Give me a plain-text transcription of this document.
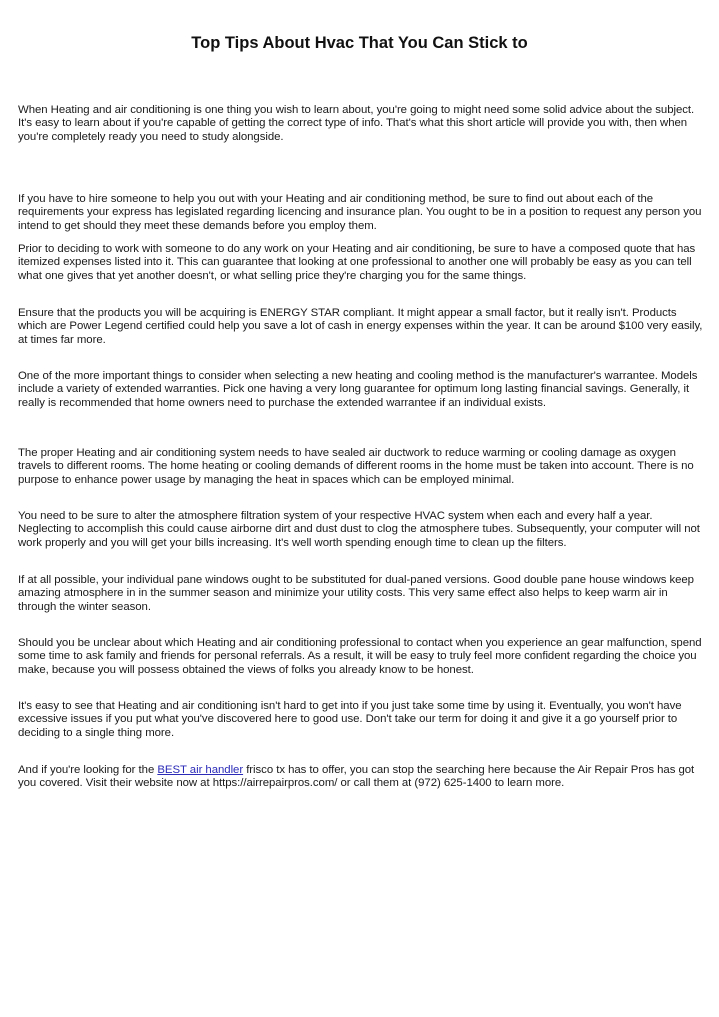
Top Tips About Hvac That You Can Stick to

When Heating and air conditioning is one thing you wish to learn about, you're going to might need some solid advice about the subject. It's easy to learn about if you're capable of getting the correct type of info. That's what this short article will provide you with, then when you're completely ready you need to study alongside.

If you have to hire someone to help you out with your Heating and air conditioning method, be sure to find out about each of the requirements your express has legislated regarding licencing and insurance plan. You ought to be in a position to request any person you intend to get should they meet these demands before you employ them.

Prior to deciding to work with someone to do any work on your Heating and air conditioning, be sure to have a composed quote that has itemized expenses listed into it. This can guarantee that looking at one professional to another one will probably be easy as you can tell what one gives that yet another doesn't, or what selling price they're charging you for the same things.

Ensure that the products you will be acquiring is ENERGY STAR compliant. It might appear a small factor, but it really isn't. Products which are Power Legend certified could help you save a lot of cash in energy expenses within the year. It can be around $100 very easily, at times far more.

One of the more important things to consider when selecting a new heating and cooling method is the manufacturer's warrantee. Models include a variety of extended warranties. Pick one having a very long guarantee for optimum long lasting financial savings. Generally, it really is recommended that home owners need to purchase the extended warrantee if an individual exists.

The proper Heating and air conditioning system needs to have sealed air ductwork to reduce warming or cooling damage as oxygen travels to different rooms. The home heating or cooling demands of different rooms in the home must be taken into account. There is no purpose to enhance power usage by managing the heat in spaces which can be employed minimal.

You need to be sure to alter the atmosphere filtration system of your respective HVAC system when each and every half a year. Neglecting to accomplish this could cause airborne dirt and dust dust to clog the atmosphere tubes. Subsequently, your computer will not work properly and you will get your bills increasing. It's well worth spending enough time to clean up the filters.

If at all possible, your individual pane windows ought to be substituted for dual-paned versions. Good double pane house windows keep amazing atmosphere in in the summer season and minimize your utility costs. This very same effect also helps to keep warm air in through the winter season.

Should you be unclear about which Heating and air conditioning professional to contact when you experience an gear malfunction, spend some time to ask family and friends for personal referrals. As a result, it will be easy to truly feel more confident regarding the choice you make, because you will possess obtained the views of folks you already know to be honest.

It's easy to see that Heating and air conditioning isn't hard to get into if you just take some time by using it. Eventually, you won't have excessive issues if you put what you've discovered here to good use. Don't take our term for doing it and give it a go yourself prior to deciding to a single thing more.

And if you're looking for the BEST air handler frisco tx has to offer, you can stop the searching here because the Air Repair Pros has got you covered. Visit their website now at https://airrepairpros.com/ or call them at (972) 625-1400 to learn more.
